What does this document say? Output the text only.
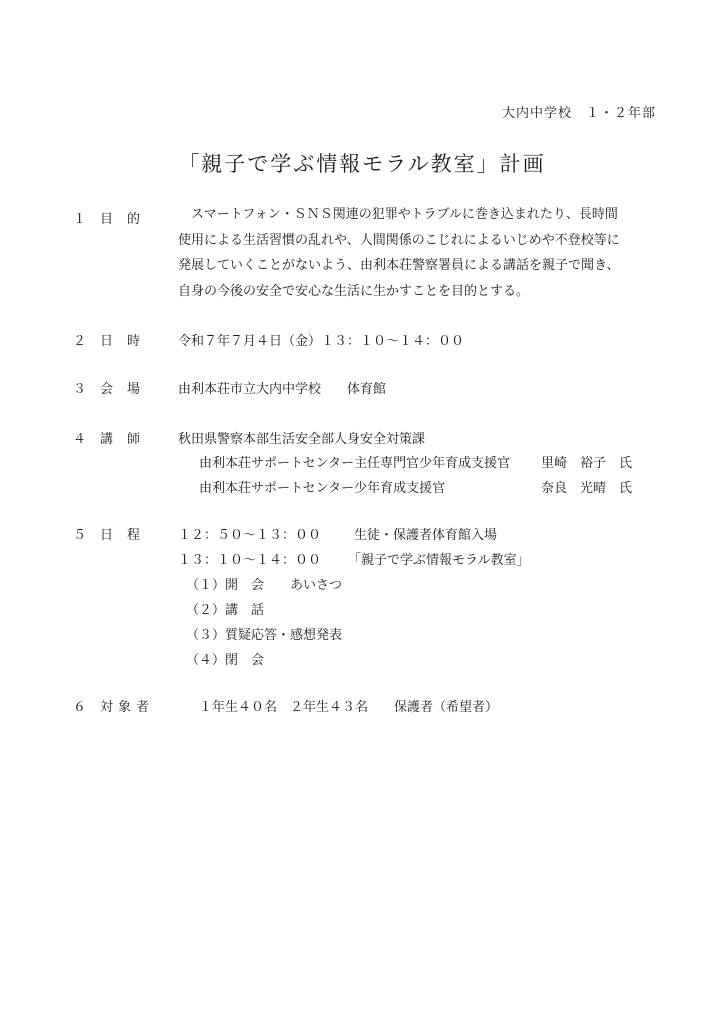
大内中学校　１・２年部
「親子で学ぶ情報モラル教室」計画
１ 目的 　スマートフォン・ＳＮＳ関連の犯罪やトラブルに巻き込まれたり、長時間

使用による生活習慣の乱れや、人間関係のこじれによるいじめや不登校等に

発展していくことがないよう、由利本荘警察署員による講話を親子で聞き、

自身の今後の安全で安心な生活に生かすことを目的とする。

２ 日時 令和７年７月４日（金）１３：１０〜１４：００
３ 会場 由利本荘市立大内中学校　　体育館
４ 講師 秋田県警察本部生活安全部人身安全対策課
由利本荘サポートセンター主任専門官少年育成支援官 里崎　裕子　氏
由利本荘サポートセンター少年育成支援官	奈良　光晴　氏
５ 日程 １２：５０〜１３：００	生徒・保護者体育館入場
１３：１０〜１４：００ 「親子で学ぶ情報モラル教室」
（１）開　会　　あいさつ
（２）講　話
（３）質疑応答・感想発表
（４）閉　会
６ 対象者	１年生４０名　２年生４３名　　保護者（希望者）
